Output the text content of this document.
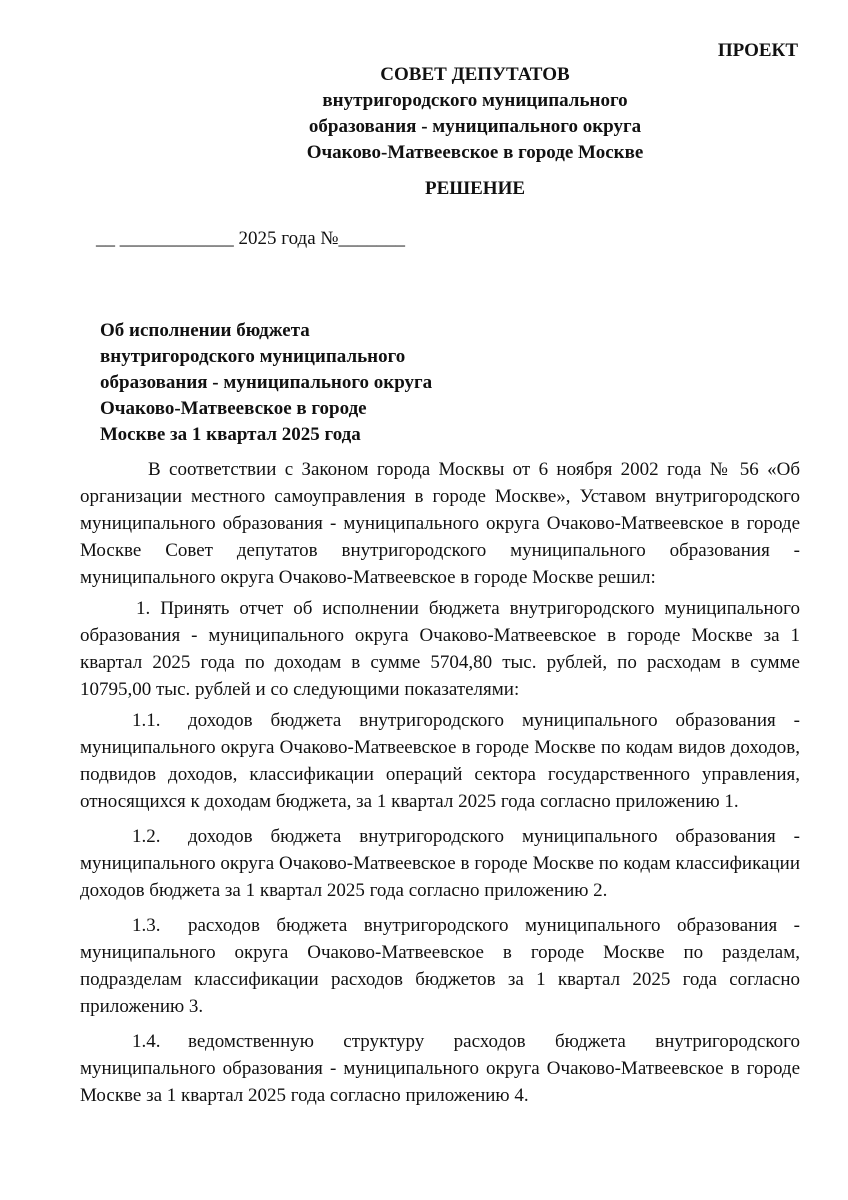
ПРОЕКТ
СОВЕТ ДЕПУТАТОВ
внутригородского муниципального
образования - муниципального округа
Очаково-Матвеевское в городе Москве
РЕШЕНИЕ
__ ____________ 2025 года №_______
Об исполнении бюджета
внутригородского муниципального
образования - муниципального округа
Очаково-Матвеевское в городе
Москве за 1 квартал 2025 года

В соответствии с Законом города Москвы от 6 ноября 2002 года № 56 «Об организации местного самоуправления в городе Москве», Уставом внутригородского муниципального образования - муниципального округа Очаково-Матвеевское в городе Москве Совет депутатов внутригородского муниципального образования - муниципального округа Очаково-Матвеевское в городе Москве решил:

1. Принять отчет об исполнении бюджета внутригородского муниципального образования - муниципального округа Очаково-Матвеевское в городе Москве за 1 квартал 2025 года по доходам в сумме 5704,80 тыс. рублей, по расходам в сумме 10795,00 тыс. рублей и со следующими показателями:

1.1. доходов бюджета внутригородского муниципального образования - муниципального округа Очаково-Матвеевское в городе Москве по кодам видов доходов, подвидов доходов, классификации операций сектора государственного управления, относящихся к доходам бюджета, за 1 квартал 2025 года согласно приложению 1.

1.2. доходов бюджета внутригородского муниципального образования - муниципального округа Очаково-Матвеевское в городе Москве по кодам классификации доходов бюджета за 1 квартал 2025 года согласно приложению 2.

1.3. расходов бюджета внутригородского муниципального образования - муниципального округа Очаково-Матвеевское в городе Москве по разделам, подразделам классификации расходов бюджетов за 1 квартал 2025 года согласно приложению 3.

1.4. ведомственную структуру расходов бюджета внутригородского муниципального образования - муниципального округа Очаково-Матвеевское в городе Москве за 1 квартал 2025 года согласно приложению 4.
